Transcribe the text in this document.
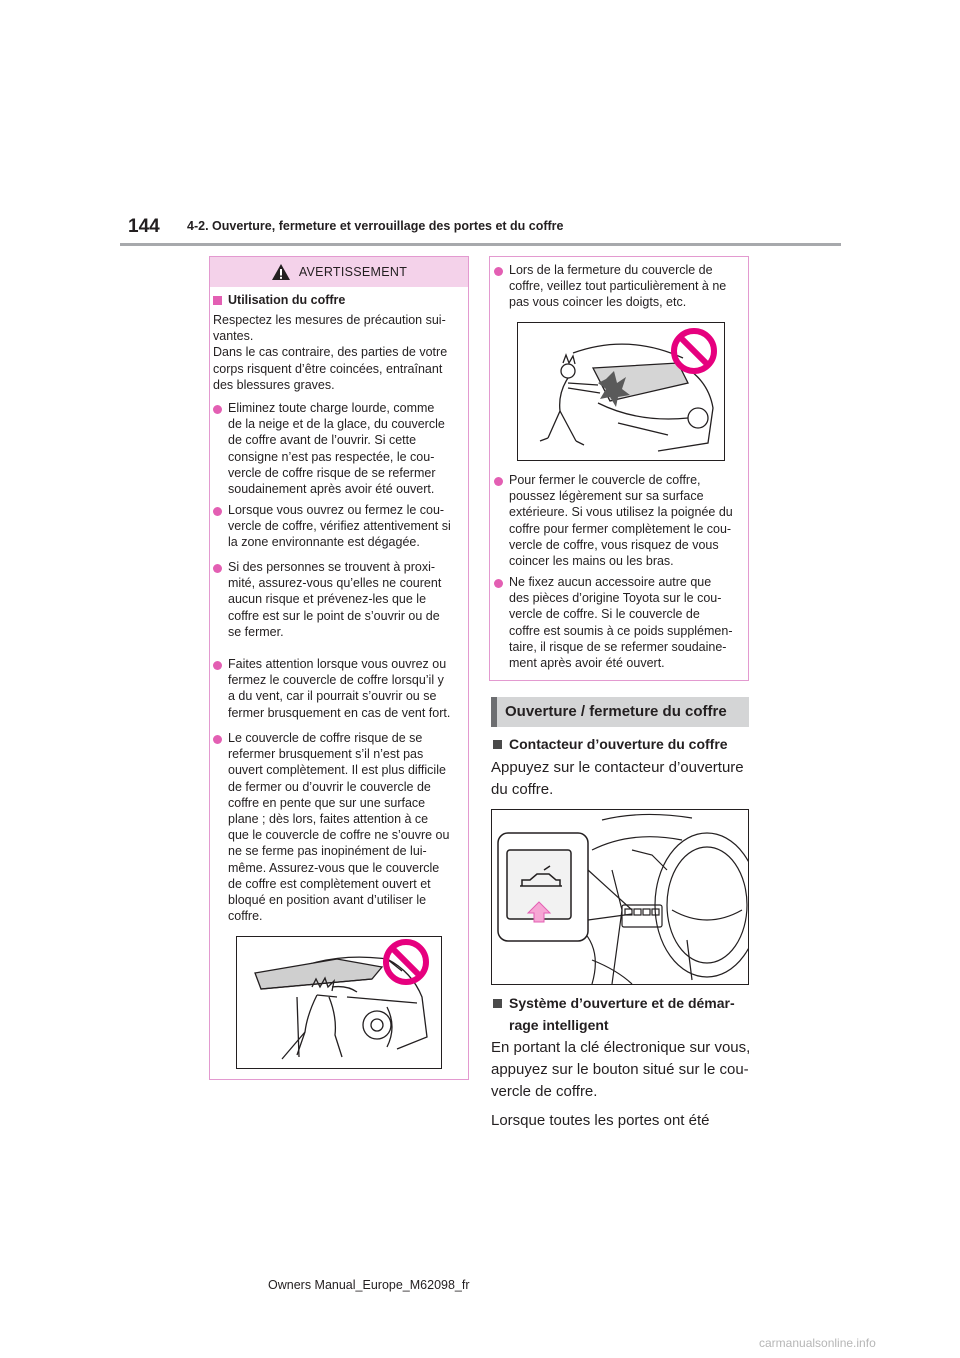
144 4-2. Ouverture, fermeture et verrouillage des portes et du coffre
AVERTISSEMENT
Utilisation du coffre
Respectez les mesures de précaution sui-
vantes.
Dans le cas contraire, des parties de votre
corps risquent d’être coincées, entraînant
des blessures graves.
Eliminez toute charge lourde, comme
de la neige et de la glace, du couvercle
de coffre avant de l’ouvrir. Si cette
consigne n’est pas respectée, le cou-
vercle de coffre risque de se refermer
soudainement après avoir été ouvert.
Lorsque vous ouvrez ou fermez le cou-
vercle de coffre, vérifiez attentivement si
la zone environnante est dégagée.
Si des personnes se trouvent à proxi-
mité, assurez-vous qu’elles ne courent
aucun risque et prévenez-les que le
coffre est sur le point de s’ouvrir ou de
se fermer.
Faites attention lorsque vous ouvrez ou
fermez le couvercle de coffre lorsqu’il y
a du vent, car il pourrait s’ouvrir ou se
fermer brusquement en cas de vent fort.
Le couvercle de coffre risque de se
refermer brusquement s’il n’est pas
ouvert complètement. Il est plus difficile
de fermer ou d’ouvrir le couvercle de
coffre en pente que sur une surface
plane ; dès lors, faites attention à ce
que le couvercle de coffre ne s’ouvre ou
ne se ferme pas inopinément de lui-
même. Assurez-vous que le couvercle
de coffre est complètement ouvert et
bloqué en position avant d’utiliser le
coffre.
Lors de la fermeture du couvercle de
coffre, veillez tout particulièrement à ne
pas vous coincer les doigts, etc.
Pour fermer le couvercle de coffre,
poussez légèrement sur sa surface
extérieure. Si vous utilisez la poignée du
coffre pour fermer complètement le cou-
vercle de coffre, vous risquez de vous
coincer les mains ou les bras.
Ne fixez aucun accessoire autre que
des pièces d’origine Toyota sur le cou-
vercle de coffre. Si le couvercle de
coffre est soumis à ce poids supplémen-
taire, il risque de se refermer soudaine-
ment après avoir été ouvert.
Ouverture / fermeture du coffre
Contacteur d’ouverture du coffre
Appuyez sur le contacteur d’ouverture
du coffre.
Système d’ouverture et de démar-
rage intelligent
En portant la clé électronique sur vous,
appuyez sur le bouton situé sur le cou-
vercle de coffre.
Lorsque toutes les portes ont été
Owners Manual_Europe_M62098_fr
carmanualsonline.info
